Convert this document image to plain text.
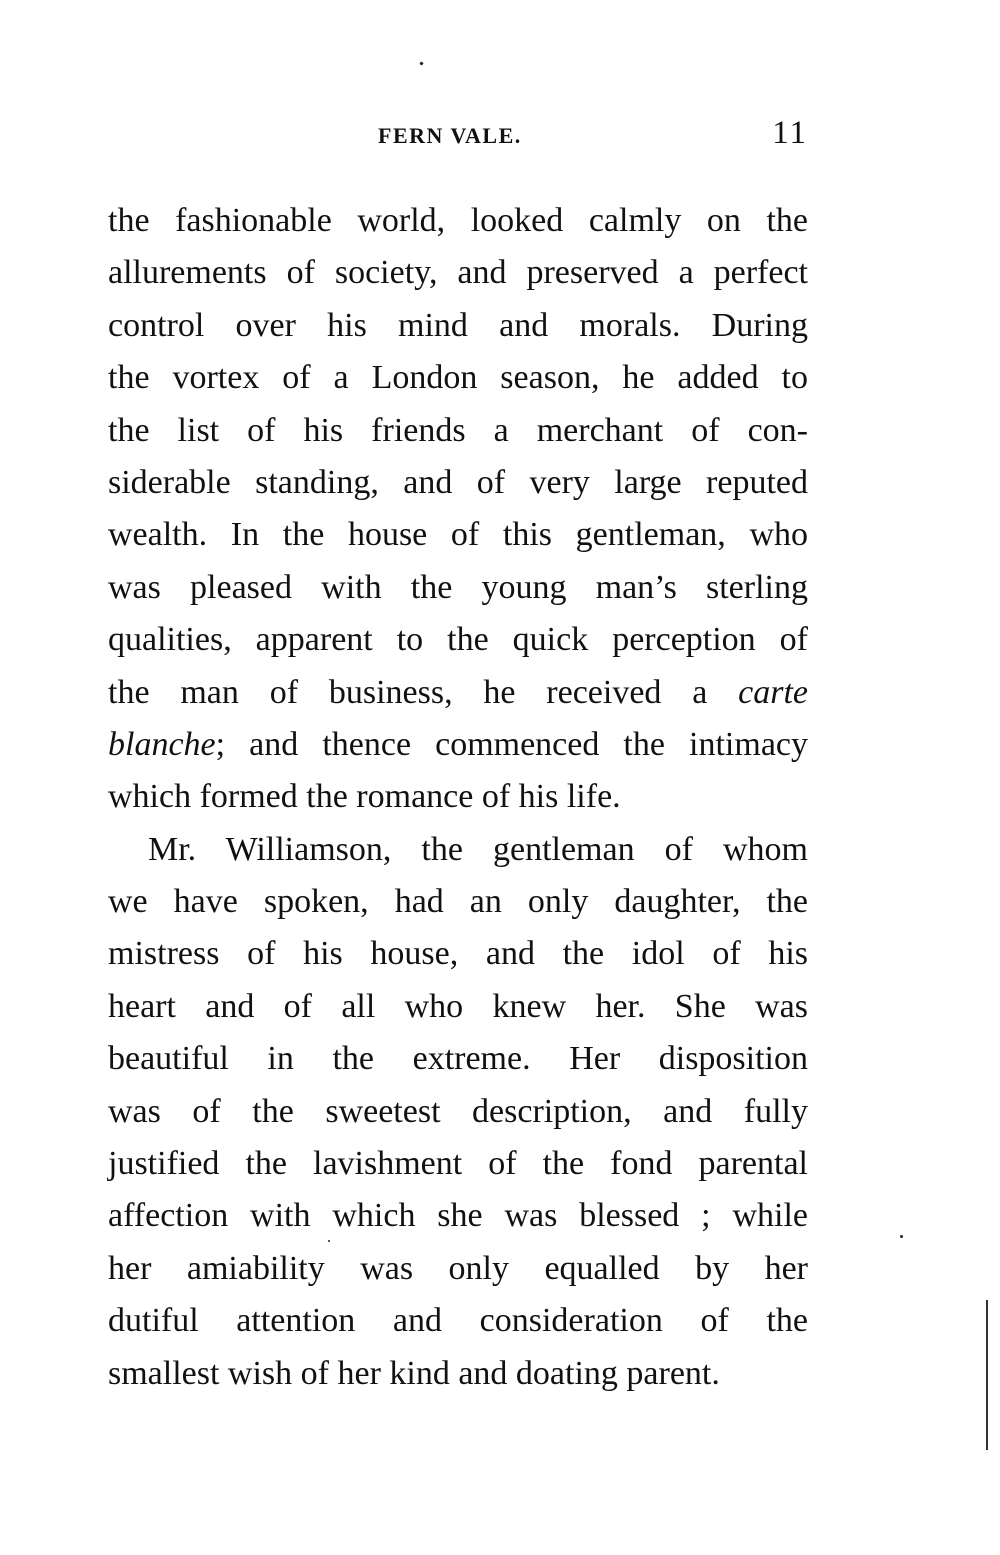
FERN VALE.	11
the fashionable world, looked calmly on the
allurements of society, and preserved a perfect
control over his mind and morals. During
the vortex of a London season, he added to
the list of his friends a merchant of con-
siderable standing, and of very large reputed
wealth. In the house of this gentleman, who
was pleased with the young man’s sterling
qualities, apparent to the quick perception of
the man of business, he received a carte
blanche; and thence commenced the intimacy
which formed the romance of his life.
Mr. Williamson, the gentleman of whom
we have spoken, had an only daughter, the
mistress of his house, and the idol of his
heart and of all who knew her. She was
beautiful in the extreme. Her disposition
was of the sweetest description, and fully
justified the lavishment of the fond parental
affection with which she was blessed ; while
her amiability was only equalled by her
dutiful attention and consideration of the
smallest wish of her kind and doating parent.
